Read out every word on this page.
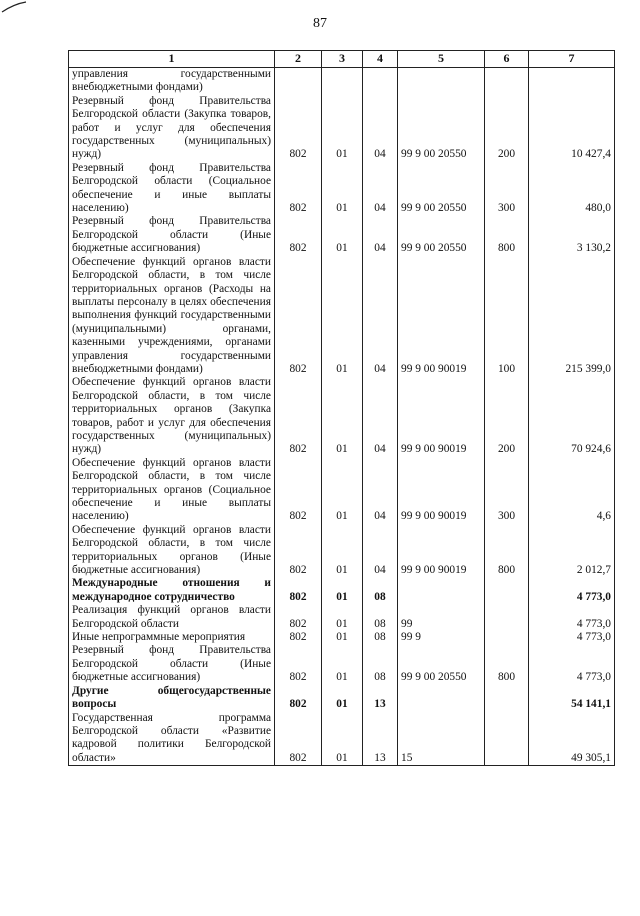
87
1	2	3	4	5	6	7
управления государственными внебюджетными фондами)						
Резервный фонд Правительства Белгородской области (Закупка товаров, работ и услуг для обеспечения государственных (муниципальных) нужд)	802	01	04	99 9 00 20550	200	10 427,4
Резервный фонд Правительства Белгородской области (Социальное обеспечение и иные выплаты населению)	802	01	04	99 9 00 20550	300	480,0
Резервный фонд Правительства Белгородской области (Иные бюджетные ассигнования)	802	01	04	99 9 00 20550	800	3 130,2
Обеспечение функций органов власти Белгородской области, в том числе территориальных органов (Расходы на выплаты персоналу в целях обеспечения выполнения функций государственными (муниципальными) органами, казенными учреждениями, органами управления государственными внебюджетными фондами)	802	01	04	99 9 00 90019	100	215 399,0
Обеспечение функций органов власти Белгородской области, в том числе территориальных органов (Закупка товаров, работ и услуг для обеспечения государственных (муниципальных) нужд)	802	01	04	99 9 00 90019	200	70 924,6
Обеспечение функций органов власти Белгородской области, в том числе территориальных органов (Социальное обеспечение и иные выплаты населению)	802	01	04	99 9 00 90019	300	4,6
Обеспечение функций органов власти Белгородской области, в том числе территориальных органов (Иные бюджетные ассигнования)	802	01	04	99 9 00 90019	800	2 012,7
Международные отношения и международное сотрудничество	802	01	08			4 773,0
Реализация функций органов власти Белгородской области	802	01	08	99		4 773,0
Иные непрограммные мероприятия	802	01	08	99 9		4 773,0
Резервный фонд Правительства Белгородской области (Иные бюджетные ассигнования)	802	01	08	99 9 00 20550	800	4 773,0
Другие общегосударственные вопросы	802	01	13			54 141,1
Государственная программа Белгородской области «Развитие кадровой политики Белгородской области»	802	01	13	15		49 305,1
